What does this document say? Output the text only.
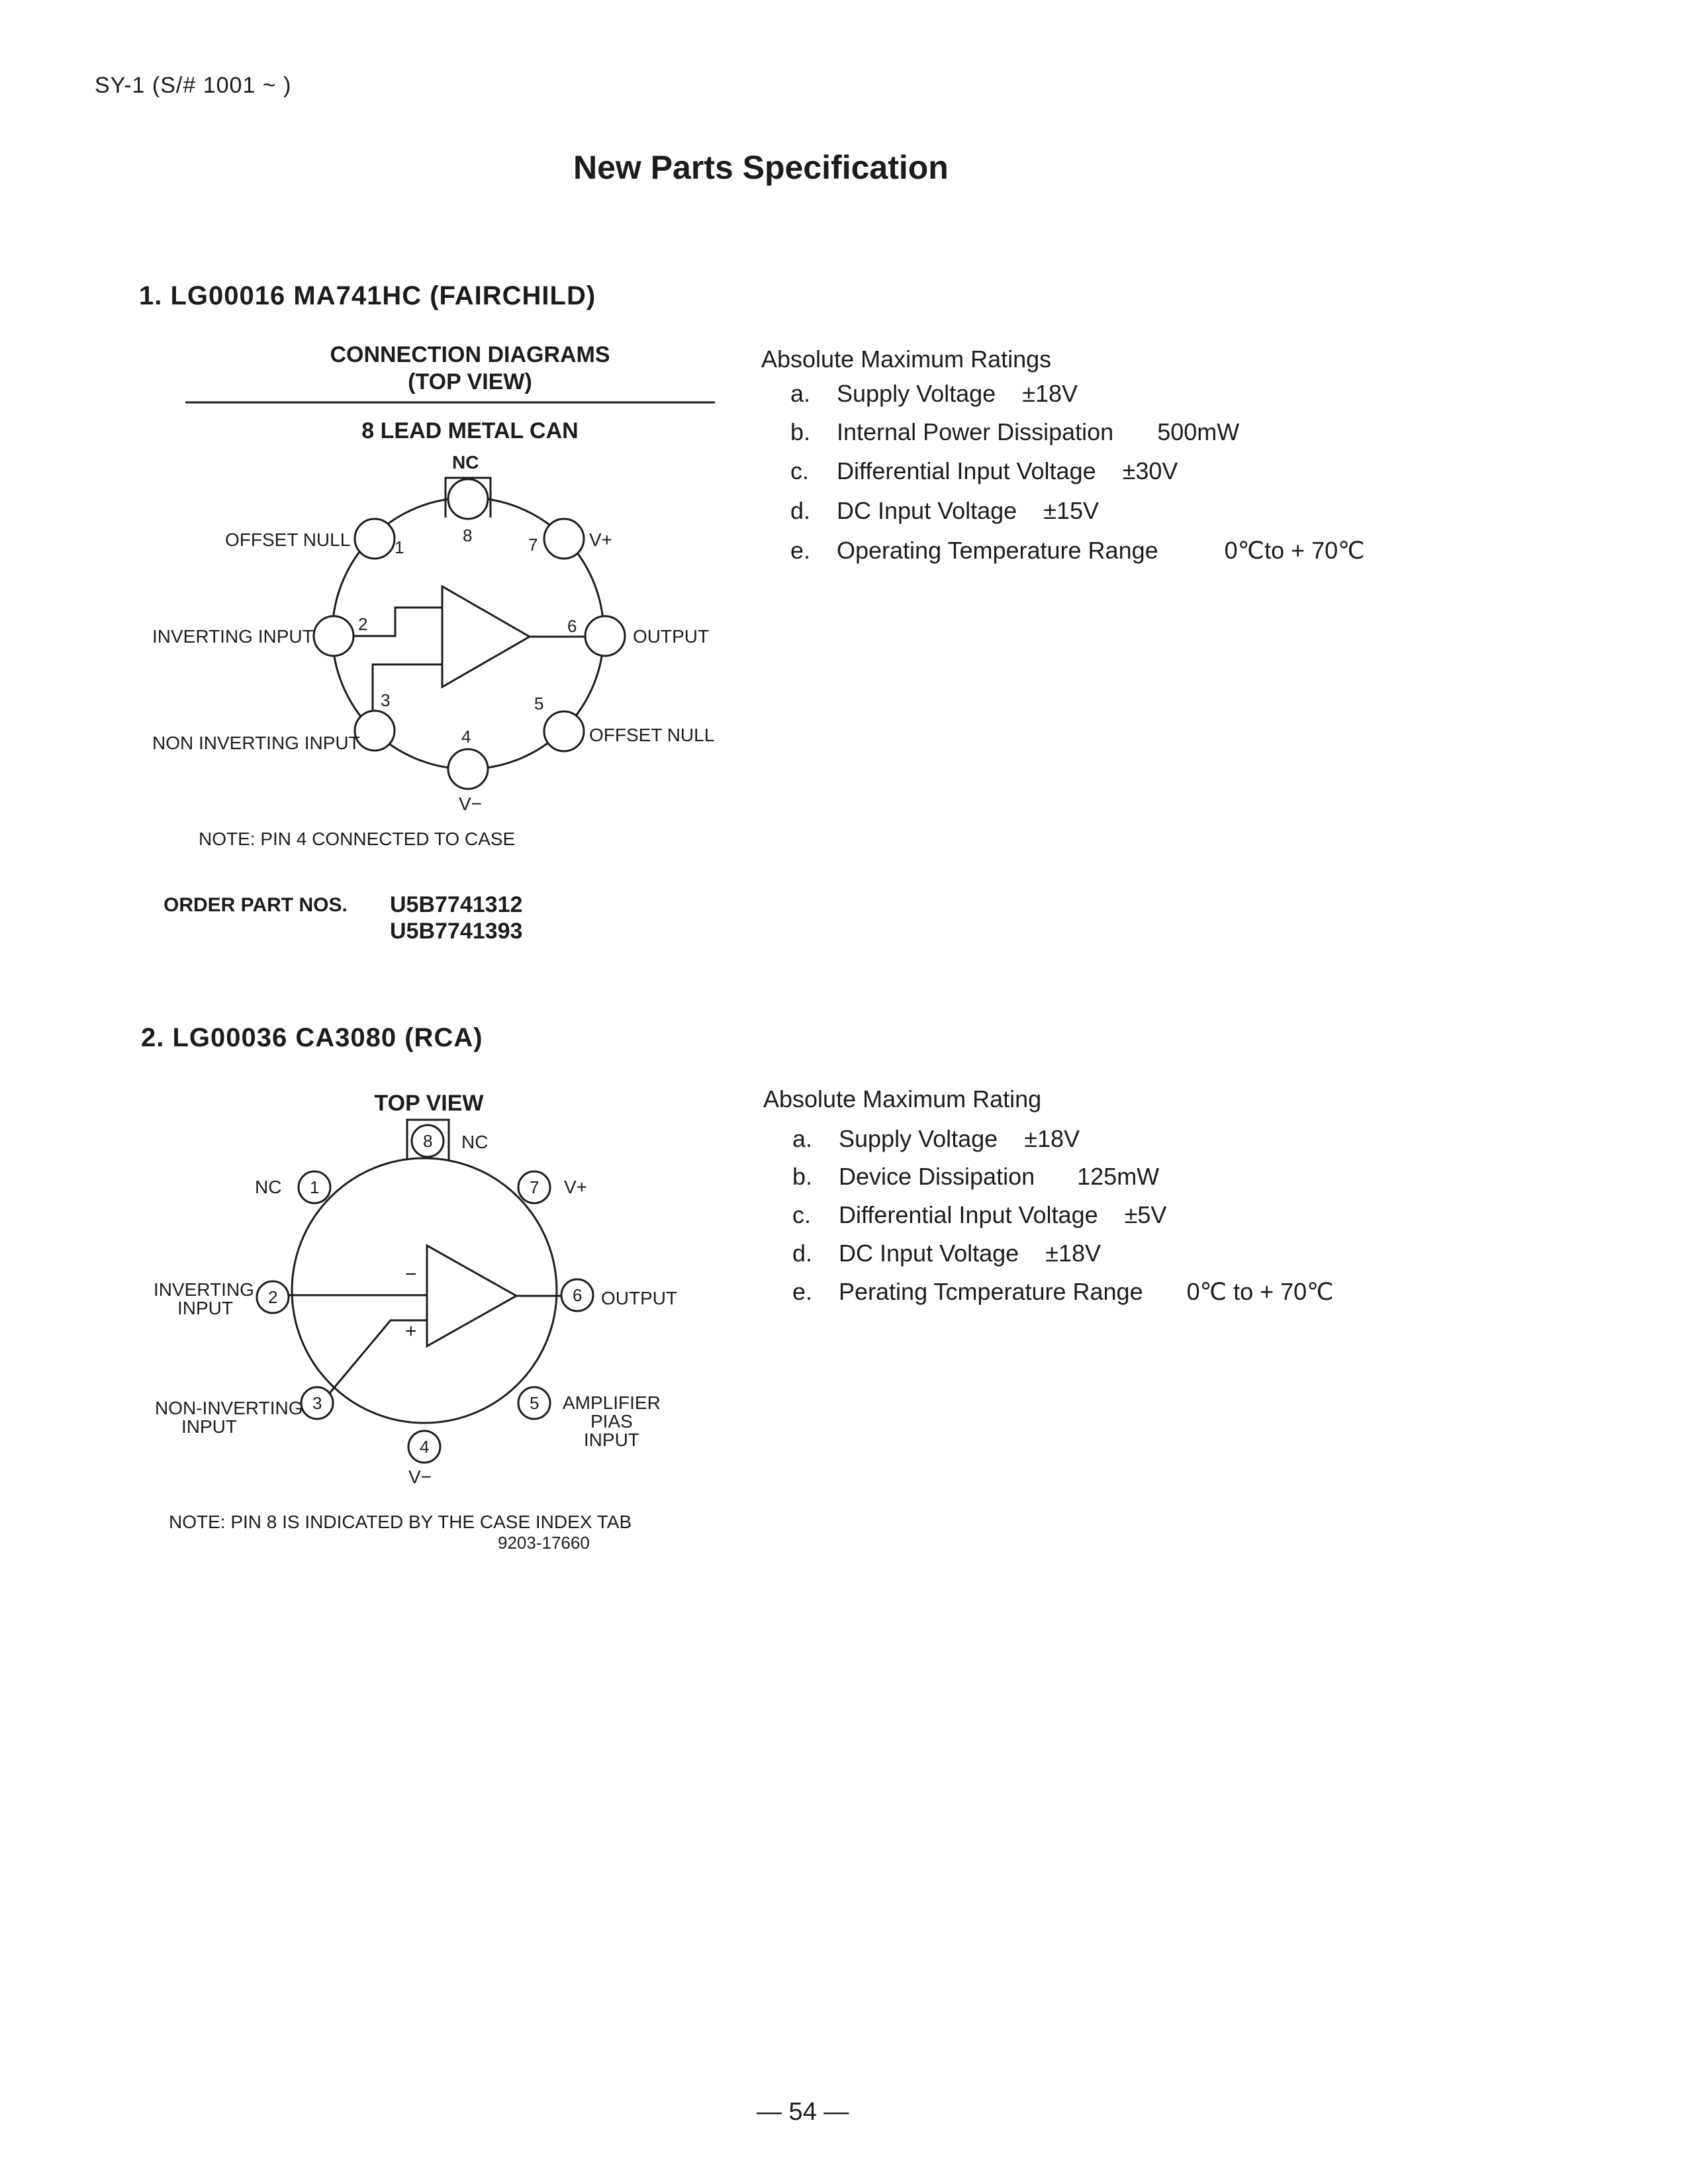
SY-1 (S/# 1001 ~ )
New Parts Specification
1. LG00016 MA741HC (FAIRCHILD)
CONNECTION DIAGRAMS
(TOP VIEW)
8 LEAD METAL CAN
1
2
3
4
5
6
7
8
NC
OFFSET NULL	V+
INVERTING INPUT	OUTPUT
NON INVERTING INPUT	OFFSET NULL
V−
NOTE: PIN 4 CONNECTED TO CASE
ORDER PART NOS. U5B7741312
U5B7741393
Absolute Maximum Ratings
a. Supply Voltage ±18V
b. Internal Power Dissipation 500mW
c. Differential Input Voltage ±30V
d. DC Input Voltage ±15V
e. Operating Temperature Range	0℃to + 70℃
2. LG00036 CA3080 (RCA)
TOP VIEW
1
2
3
4
5
6
7
8
−
+
NC
NC	V+
INVERTING
INPUT	OUTPUT
NON-INVERTING
INPUT
AMPLIFIER
PIAS
INPUT
V−
NOTE: PIN 8 IS INDICATED BY THE CASE INDEX TAB
9203-17660
Absolute Maximum Rating
a. Supply Voltage ±18V
b. Device Dissipation 125mW
c. Differential Input Voltage ±5V
d. DC Input Voltage ±18V
e. Perating Tcmperature Range 0℃ to + 70℃
— 54 —
